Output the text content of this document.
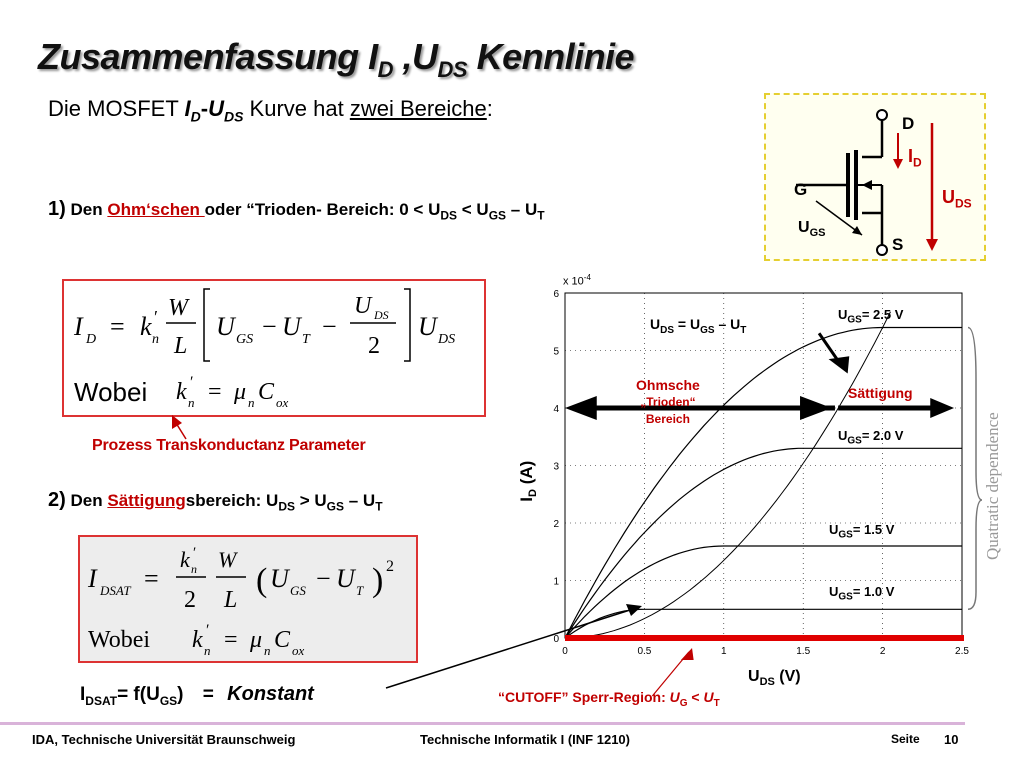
Zusammenfassung $I_D$ $,U_{DS}$ Kennlinie
Die MOSFET $I_D-U_{DS}$ Kurve hat zwei Bereiche:
1) Den Ohm‘schen oder “Trioden- Bereich: $0 < U_{DS} < U_{GS} - U_T$
I D = k n
′ W
L
U GS − U T −
U DS
2
U DS
Wobei k n
′ = μ n C ox
Prozess Transkonductanz Parameter
2) Den Sättigungsbereich: $U_{DS} > U_{GS} - U_T$
I DSAT =
k n
′
2
W
L
( U GS − U T ) 2
Wobei k n
′ = μ n C ox
$I_{DSAT}= f(U_{GS})$ = Konstant
D
$I_D$
G	$U_{DS}$
$U_{GS}$
S
0	0.5	1	1.5	2	2.5
0
1
2
3
4
5
6
x $10^{-4}$
$U_{DS} = U_{GS} - U_T$
$U_{GS}= 2.5$ V
Ohmsche
„Trioden“
Bereich
Sättigung
$U_{GS}= 2.0$ V
$U_{GS}= 1.5$ V
$U_{GS}= 1.0$ V
Quatratic dependence
$I_D$ (A)
$U_{DS}$ (V)
“CUTOFF” Sperr-Region: $U_G < U_T$
IDA, Technische Universität Braunschweig	Technische Informatik I (INF 1210)	Seite 10
